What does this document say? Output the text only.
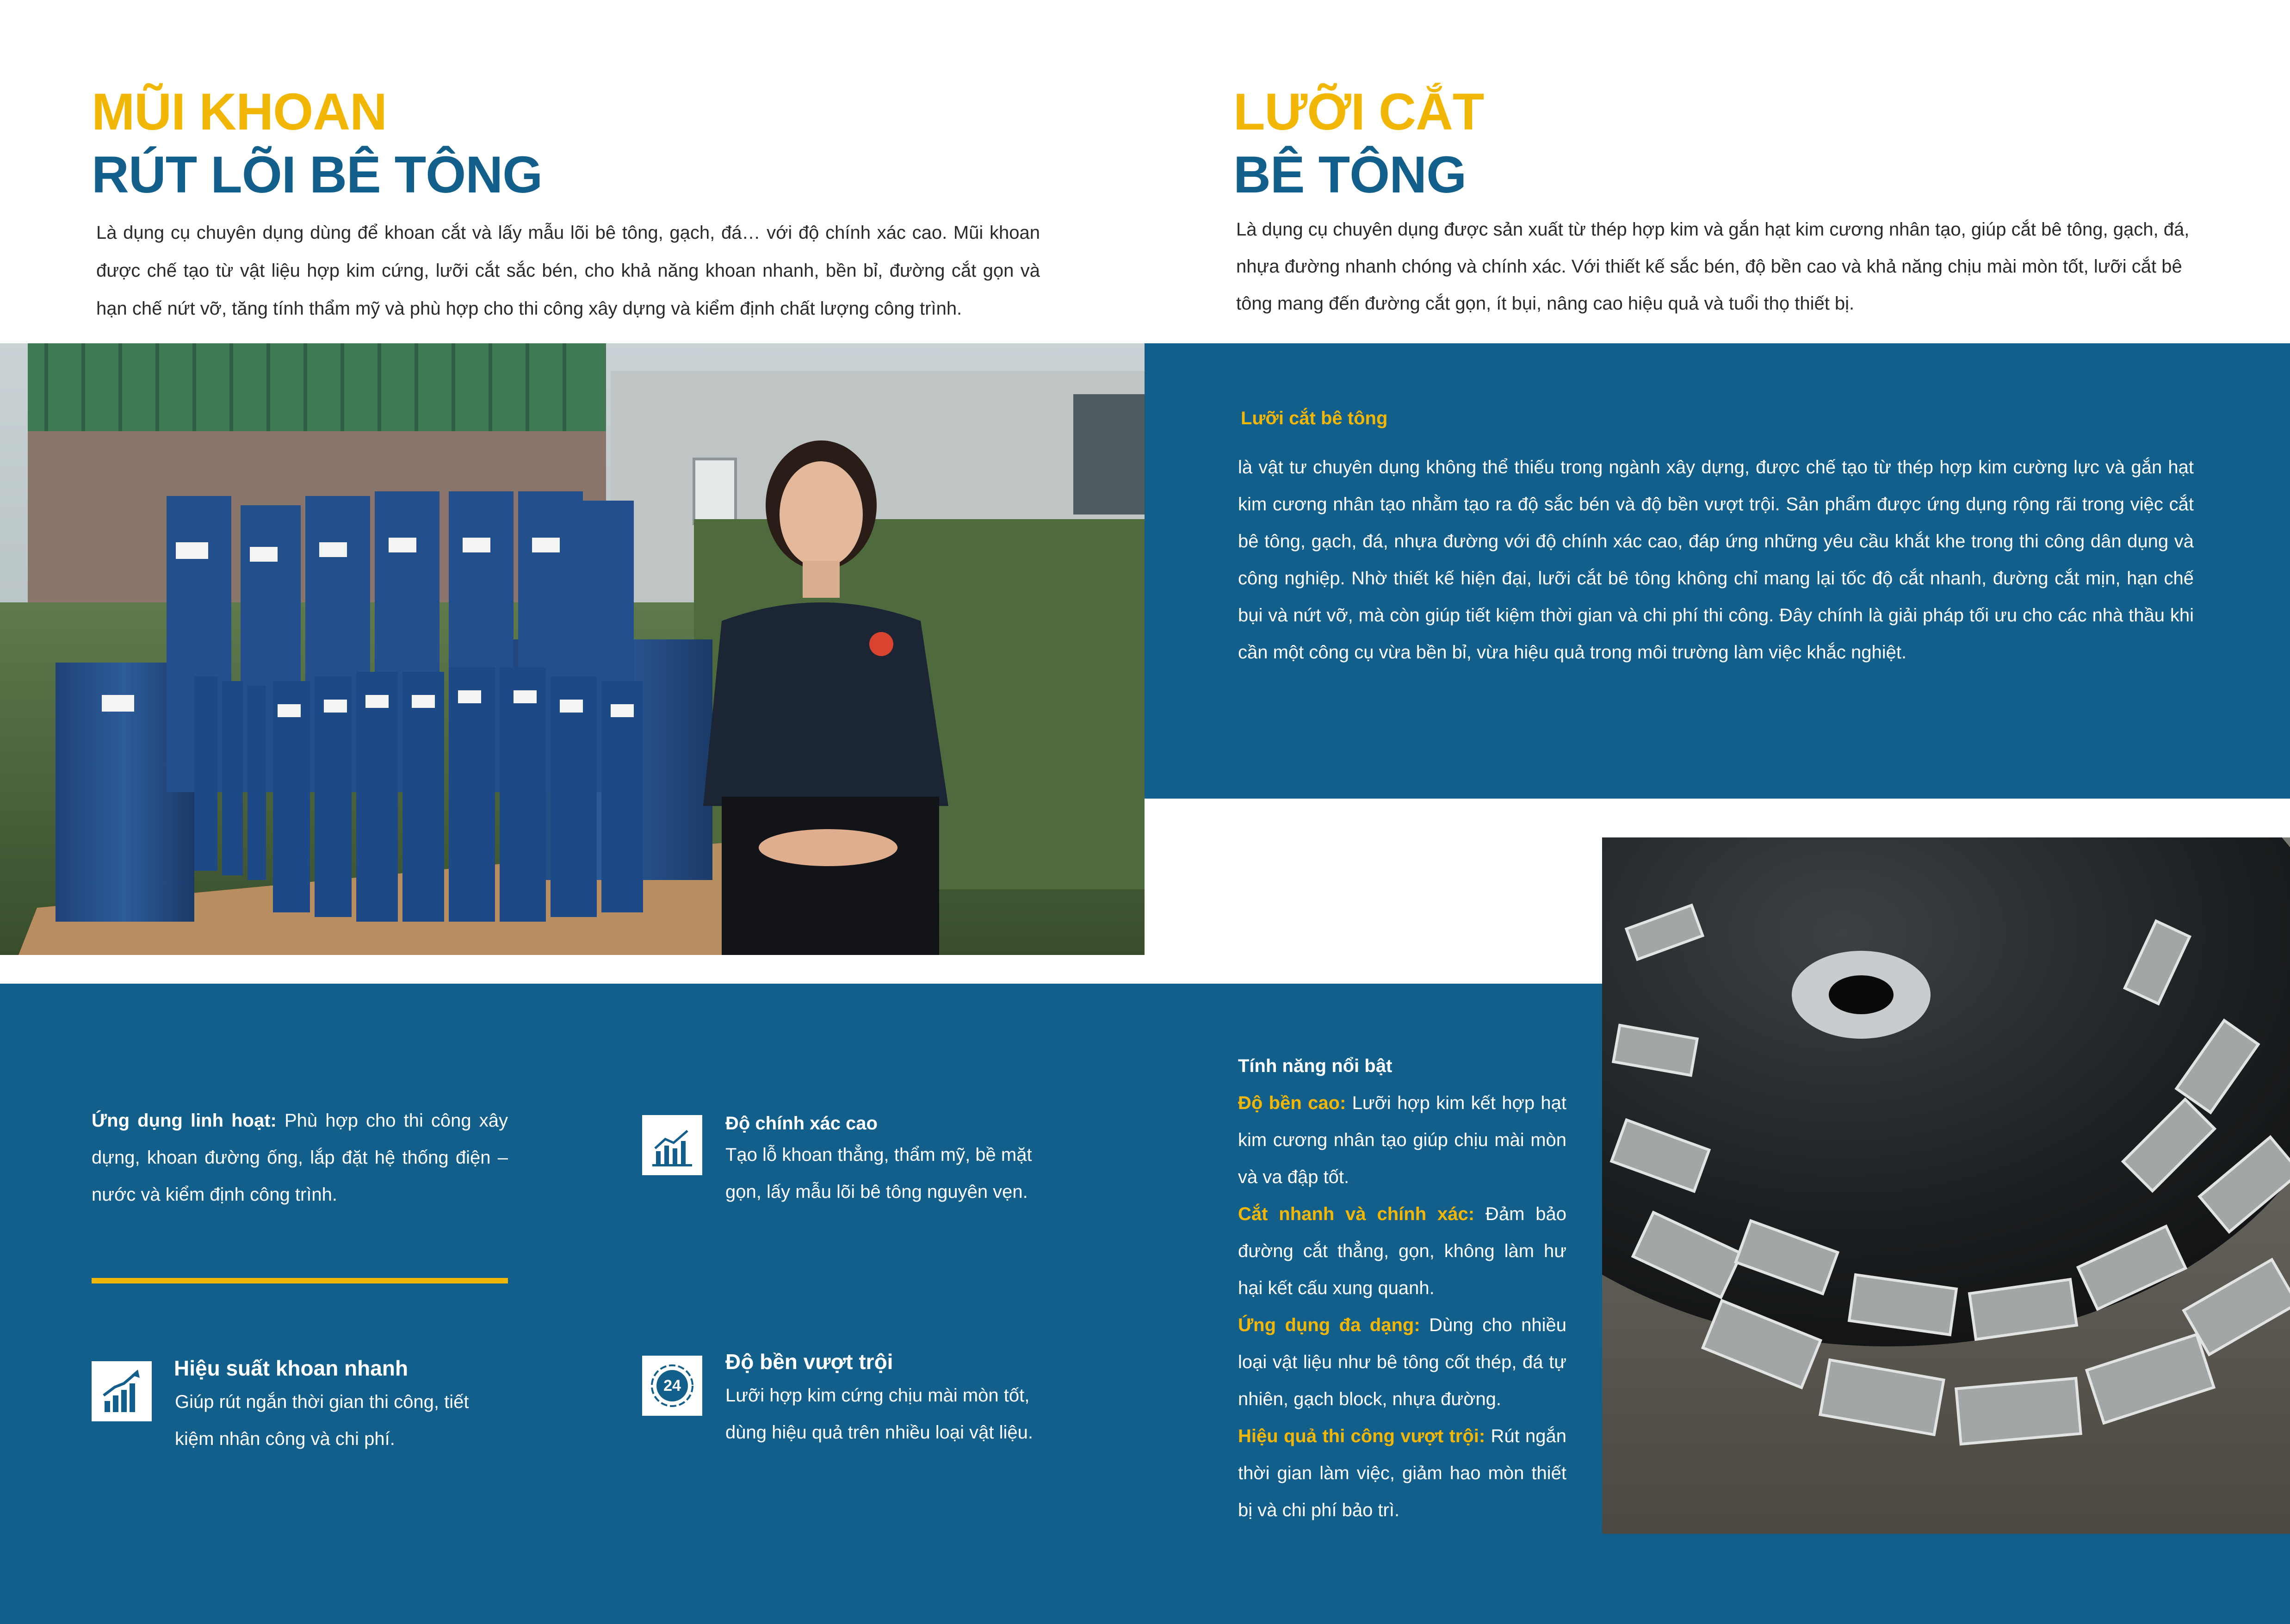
MŨI KHOAN
RÚT LÕI BÊ TÔNG
Là dụng cụ chuyên dụng dùng để khoan cắt và lấy mẫu lõi bê tông, gạch, đá… với độ chính xác cao. Mũi khoan được chế tạo từ vật liệu hợp kim cứng, lưỡi cắt sắc bén, cho khả năng khoan nhanh, bền bỉ, đường cắt gọn và hạn chế nứt vỡ, tăng tính thẩm mỹ và phù hợp cho thi công xây dựng và kiểm định chất lượng công trình.
LƯỠI CẮT
BÊ TÔNG
Là dụng cụ chuyên dụng được sản xuất từ thép hợp kim và gắn hạt kim cương nhân tạo, giúp cắt bê tông, gạch, đá, nhựa đường nhanh chóng và chính xác. Với thiết kế sắc bén, độ bền cao và khả năng chịu mài mòn tốt, lưỡi cắt bê tông mang đến đường cắt gọn, ít bụi, nâng cao hiệu quả và tuổi thọ thiết bị.
Lưỡi cắt bê tông
là vật tư chuyên dụng không thể thiếu trong ngành xây dựng, được chế tạo từ thép hợp kim cường lực và gắn hạt kim cương nhân tạo nhằm tạo ra độ sắc bén và độ bền vượt trội. Sản phẩm được ứng dụng rộng rãi trong việc cắt bê tông, gạch, đá, nhựa đường với độ chính xác cao, đáp ứng những yêu cầu khắt khe trong thi công dân dụng và công nghiệp. Nhờ thiết kế hiện đại, lưỡi cắt bê tông không chỉ mang lại tốc độ cắt nhanh, đường cắt mịn, hạn chế bụi và nứt vỡ, mà còn giúp tiết kiệm thời gian và chi phí thi công. Đây chính là giải pháp tối ưu cho các nhà thầu khi cần một công cụ vừa bền bỉ, vừa hiệu quả trong môi trường làm việc khắc nghiệt.
Ứng dụng linh hoạt: Phù hợp cho thi công xây dựng, khoan đường ống, lắp đặt hệ thống điện – nước và kiểm định công trình.
Độ chính xác cao
Tạo lỗ khoan thẳng, thẩm mỹ, bề mặt gọn, lấy mẫu lõi bê tông nguyên vẹn.
Hiệu suất khoan nhanh
Giúp rút ngắn thời gian thi công, tiết kiệm nhân công và chi phí.
24
Độ bền vượt trội
Lưỡi hợp kim cứng chịu mài mòn tốt, dùng hiệu quả trên nhiều loại vật liệu.
Tính năng nổi bật
Độ bền cao: Lưỡi hợp kim kết hợp hạt kim cương nhân tạo giúp chịu mài mòn và va đập tốt.
Cắt nhanh và chính xác: Đảm bảo đường cắt thẳng, gọn, không làm hư hại kết cấu xung quanh.
Ứng dụng đa dạng: Dùng cho nhiều loại vật liệu như bê tông cốt thép, đá tự nhiên, gạch block, nhựa đường.
Hiệu quả thi công vượt trội: Rút ngắn thời gian làm việc, giảm hao mòn thiết bị và chi phí bảo trì.
